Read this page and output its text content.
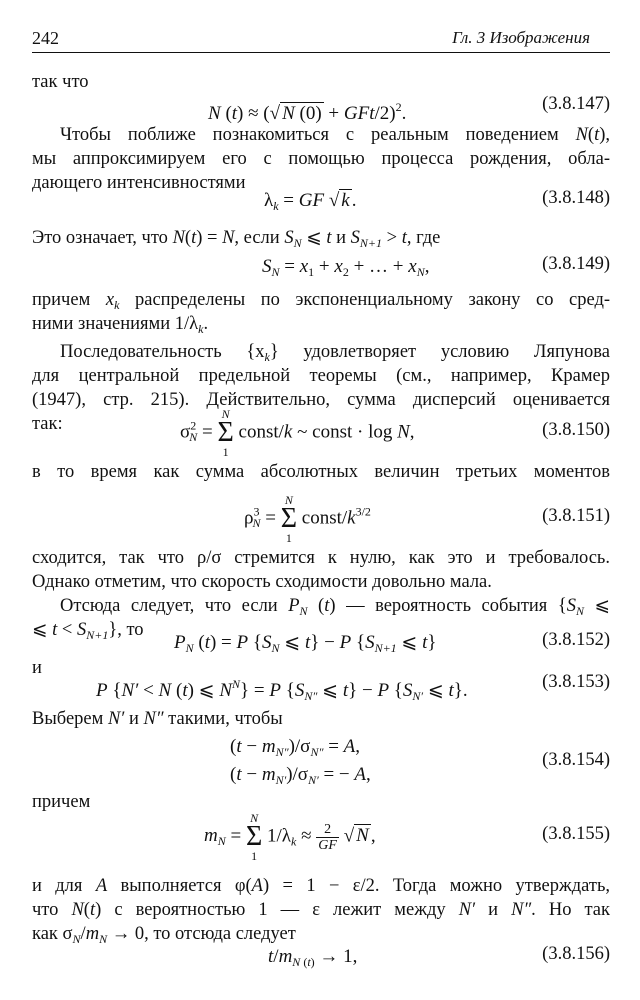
242	Гл. 3 Изображения
так что
N (t) ≈ (√ N (0) + GFt/2)$^2$.	(3.8.147)
Чтобы поближе познакомиться с реальным поведением N(t),
мы аппроксимируем его с помощью процесса рождения, обла-
дающего интенсивностями
$\lambda_k$ = GF √ k .	(3.8.148)
Это означает, что N(t) = N, если $S_N$ ⩽ t и $S_{N+1} > t$, где
$S_N = x_1 + x_2$ + … + $x_N$,	(3.8.149)
причем $x_k$ распределены по экспоненциальному закону со сред-
ними значениями $1/\lambda_k$.
Последовательность $\{x_k\}$ удовлетворяет условию Ляпунова
для центральной предельной теоремы (см., например, Крамер
(1947), стр. 215). Действительно, сумма дисперсий оценивается
так:	$\sigma^2_N$ =
N
Σ
1
const/k ~ const · log N,	(3.8.150)
в то время как сумма абсолютных величин третьих моментов
$\rho^3_N$ =
N
Σ
1
const/$k^{3/2}$	(3.8.151)
сходится, так что ρ/σ стремится к нулю, как это и требовалось.
Однако отметим, что скорость сходимости довольно мала.
Отсюда следует, что если $P_N$ (t) — вероятность события {$S_N$ ⩽
⩽ $t < S_{N+1}$}, то
$P_N$ (t) = P {$S_N$ ⩽ t} − P {$S_{N+1}$ ⩽ t}	(3.8.152)
и
P {N′ < N (t) ⩽ $N^N\} = P$ {$S_{N''}$ ⩽ t} − P {$S_{N'}$ ⩽ t}.	(3.8.153)
Выберем N′ и N″ такими, чтобы
$(t - m_{N''})/\sigma_{N''} = A$,
$(t - m_{N'})/\sigma_{N'}$ = − A,
(3.8.154)
причем
$m_N$ =
N
Σ
1
$1/\lambda_k \approx \frac{2}{GF}$ √ N ,	(3.8.155)
и для A выполняется φ(A) = 1 − ε/2. Тогда можно утверждать,
что N(t) с вероятностью 1 — ε лежит между N′ и N″. Но так
как $\sigma_N/m_N \to 0$, то отсюда следует
$t/m_{N (t)} \to 1$,	(3.8.156)
